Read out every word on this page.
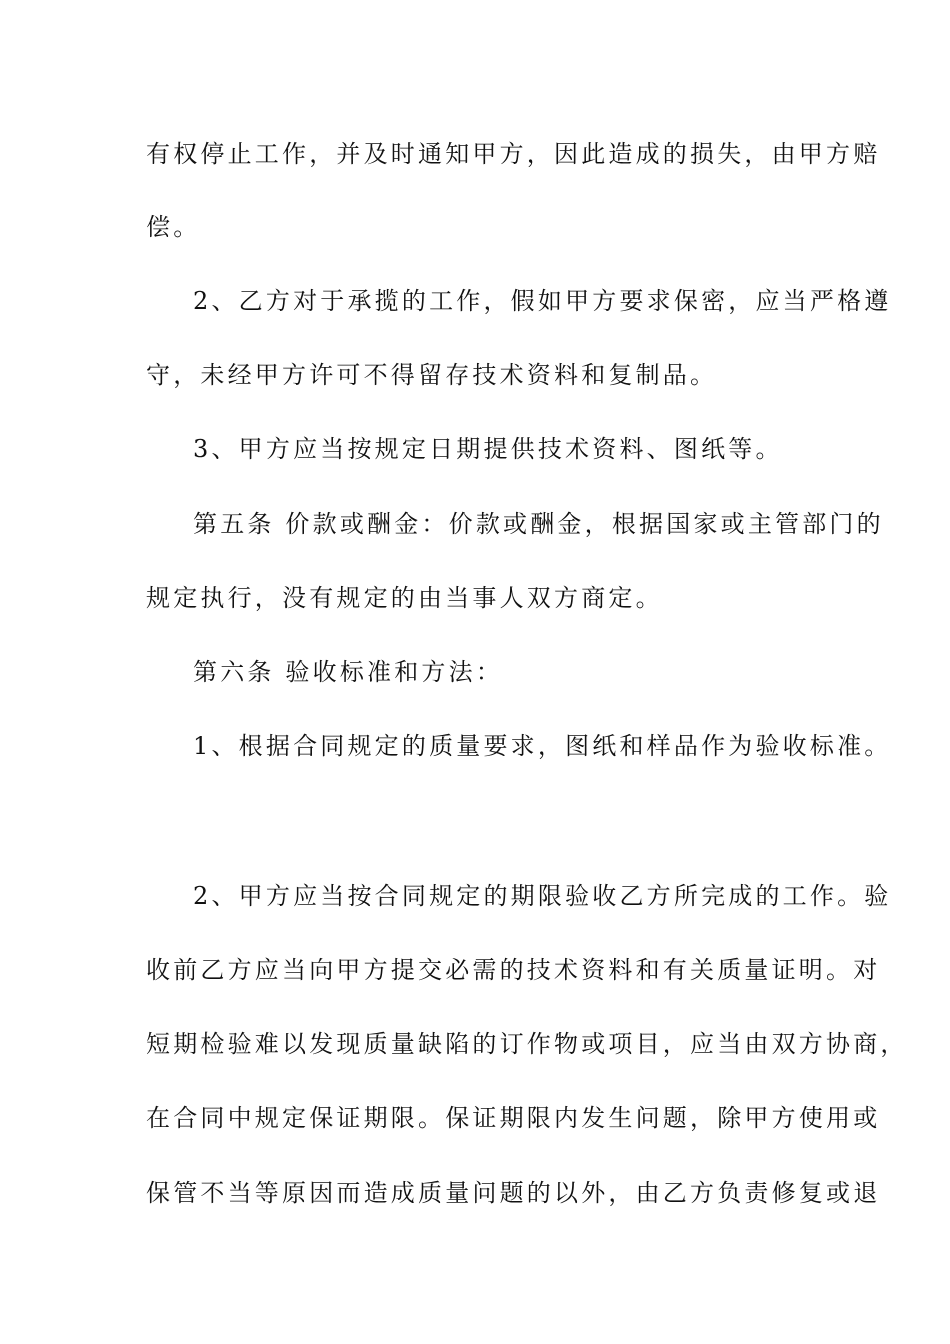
有权停止工作，并及时通知甲方，因此造成的损失，由甲方赔
偿。
2、乙方对于承揽的工作，假如甲方要求保密，应当严格遵
守，未经甲方许可不得留存技术资料和复制品。
3、甲方应当按规定日期提供技术资料、图纸等。
第五条 价款或酬金：价款或酬金，根据国家或主管部门的
规定执行，没有规定的由当事人双方商定。
第六条 验收标准和方法：
1、根据合同规定的质量要求，图纸和样品作为验收标准。
2、甲方应当按合同规定的期限验收乙方所完成的工作。验
收前乙方应当向甲方提交必需的技术资料和有关质量证明。对
短期检验难以发现质量缺陷的订作物或项目，应当由双方协商，
在合同中规定保证期限。保证期限内发生问题，除甲方使用或
保管不当等原因而造成质量问题的以外，由乙方负责修复或退
